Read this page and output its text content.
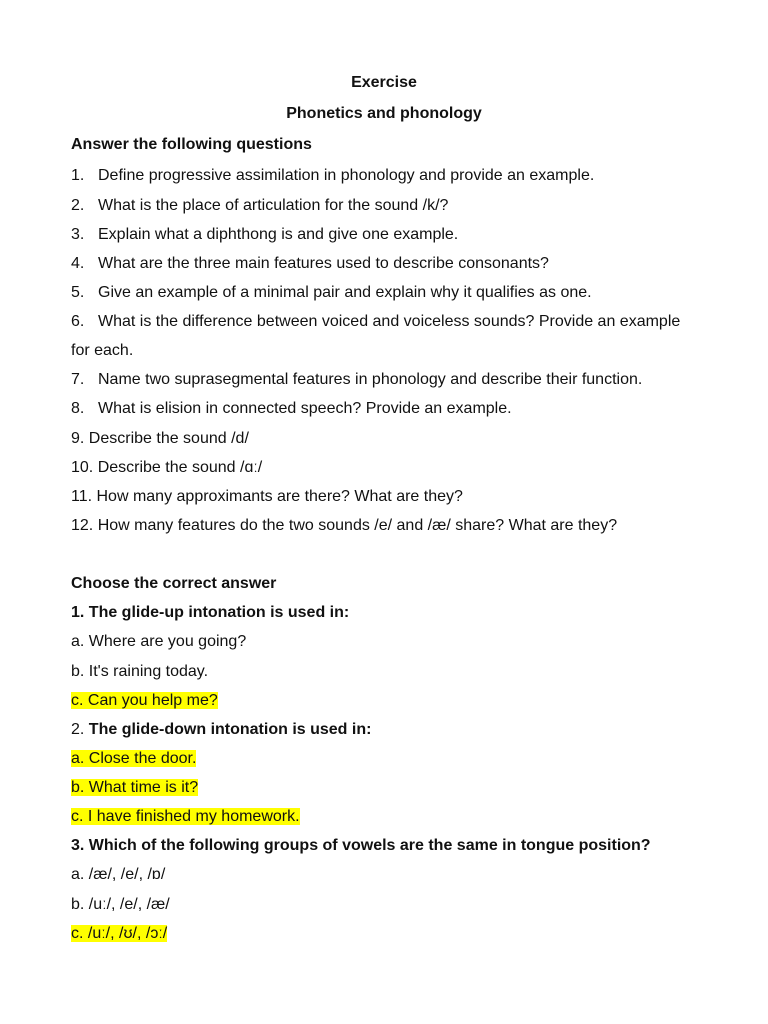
Exercise
Phonetics and phonology
Answer the following questions
1. Define progressive assimilation in phonology and provide an example.
2. What is the place of articulation for the sound /k/?
3. Explain what a diphthong is and give one example.
4. What are the three main features used to describe consonants?
5. Give an example of a minimal pair and explain why it qualifies as one.
6. What is the difference between voiced and voiceless sounds? Provide an example
for each.
7. Name two suprasegmental features in phonology and describe their function.
8. What is elision in connected speech? Provide an example.
9. Describe the sound /d/
10. Describe the sound /ɑː/
11. How many approximants are there? What are they?
12. How many features do the two sounds /e/ and /æ/ share? What are they?
Choose the correct answer
1. The glide-up intonation is used in:
a. Where are you going?
b. It's raining today.
c. Can you help me?
2. The glide-down intonation is used in:
a. Close the door.
b. What time is it?
c. I have finished my homework.
3. Which of the following groups of vowels are the same in tongue position?
a. /æ/, /e/, /ɒ/
b. /uː/, /e/, /æ/
c. /uː/, /ʊ/, /ɔː/
